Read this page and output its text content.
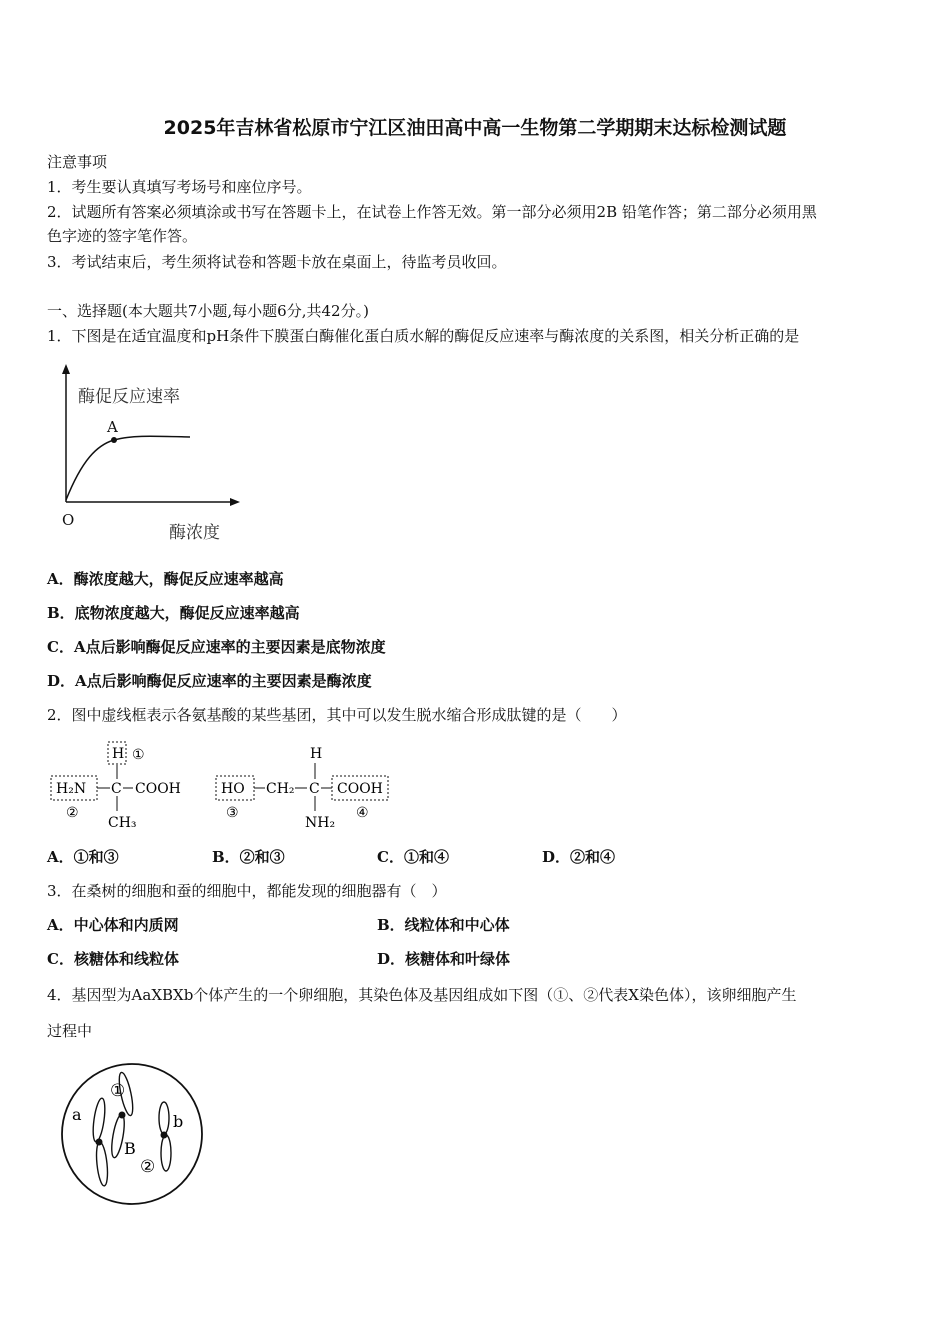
2025年吉林省松原市宁江区油田高中高一生物第二学期期末达标检测试题
注意事项
1．考生要认真填写考场号和座位序号。
2．试题所有答案必须填涂或书写在答题卡上，在试卷上作答无效。第一部分必须用2B 铅笔作答；第二部分必须用黑
色字迹的签字笔作答。
3．考试结束后，考生须将试卷和答题卡放在桌面上，待监考员收回。
一、选择题(本大题共7小题,每小题6分,共42分。)
1．下图是在适宜温度和pH条件下膜蛋白酶催化蛋白质水解的酶促反应速率与酶浓度的关系图，相关分析正确的是
酶促反应速率
A
O
酶浓度
A．酶浓度越大，酶促反应速率越高
B．底物浓度越大，酶促反应速率越高
C．A点后影响酶促反应速率的主要因素是底物浓度
D．A点后影响酶促反应速率的主要因素是酶浓度
2．图中虚线框表示各氨基酸的某些基团，其中可以发生脱水缩合形成肽键的是（　　）
H ①
H₂N C COOH
CH₃
②
H
HO CH₂ C COOH
NH₂
③	④
A．①和③	B．②和③	C．①和④	D．②和④
3．在桑树的细胞和蚕的细胞中，都能发现的细胞器有（　）
A．中心体和内质网	B．线粒体和中心体
C．核糖体和线粒体	D．核糖体和叶绿体
4．基因型为AaXBXb个体产生的一个卵细胞，其染色体及基因组成如下图（①、②代表X染色体），该卵细胞产生
过程中
a
①
B
b
②
